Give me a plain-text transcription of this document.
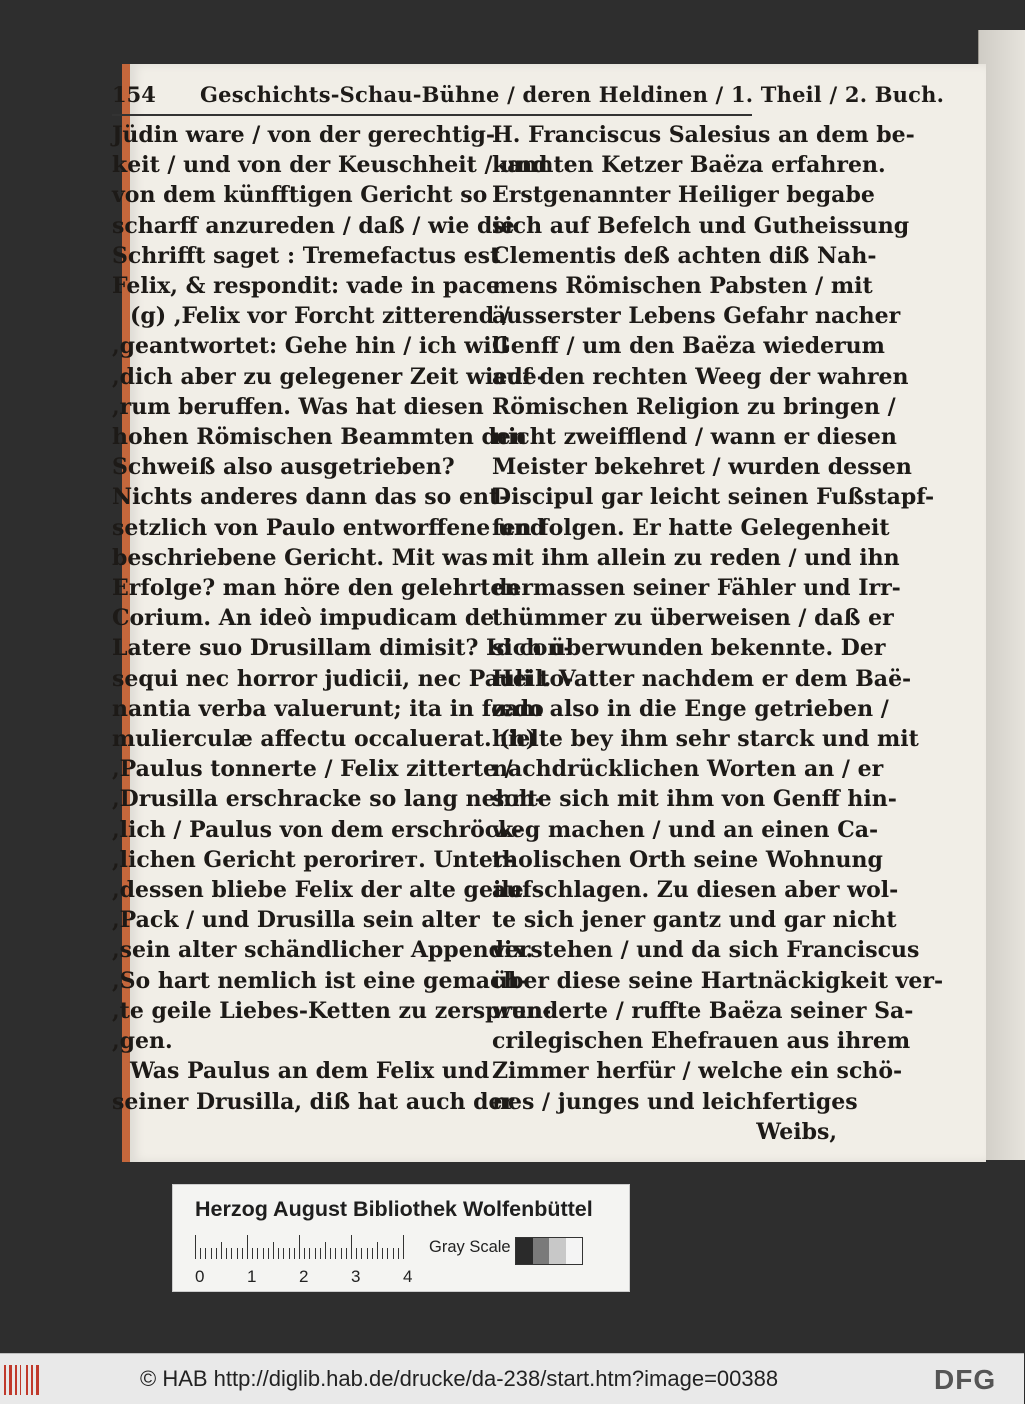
154 Geschichts-Schau-Bühne / deren Heldinen / 1. Theil / 2. Buch.
Jüdin ware / von der gerechtig-
keit / und von der Keuschheit / und
von dem künfftigen Gericht so
scharff anzureden / daß / wie die
Schrifft saget : Tremefactus est
Felix, & respondit: vade in pace.
(g) ,Felix vor Forcht zitterend /
,geantwortet: Gehe hin / ich will
,dich aber zu gelegener Zeit wiede-
,rum beruffen. Was hat diesen
hohen Römischen Beammten den
Schweiß also ausgetrieben?
Nichts anderes dann das so ent-
setzlich von Paulo entworffene und
beschriebene Gericht. Mit was
Erfolge? man höre den gelehrten
Corium. An ideò impudicam de
Latere suo Drusillam dimisit? Id con-
sequi nec horror judicii, nec Pauli to-
nantia verba valuerunt; ita in fœdo
mulierculæ affectu occaluerat. (h)
,Paulus tonnerte / Felix zitterte /
,Drusilla erschracke so lang nehm-
,lich / Paulus von dem erschröck-
,lichen Gericht perorirет. Unter-
,dessen bliebe Felix der alte geile
,Pack / und Drusilla sein alter
,sein alter schändlicher Appendix.
,So hart nemlich ist eine gemach-
,te geile Liebes-Ketten zu zerspren-
,gen.
Was Paulus an dem Felix und
seiner Drusilla, diß hat auch der
H. Franciscus Salesius an dem be-
kannten Ketzer Baëza erfahren.
Erstgenannter Heiliger begabe
sich auf Befelch und Gutheissung
Clementis deß achten diß Nah-
mens Römischen Pabsten / mit
äusserster Lebens Gefahr nacher
Genff / um den Baëza wiederum
auf den rechten Weeg der wahren
Römischen Religion zu bringen /
nicht zweifflend / wann er diesen
Meister bekehret / wurden dessen
Discipul gar leicht seinen Fußstapf-
fen folgen. Er hatte Gelegenheit
mit ihm allein zu reden / und ihn
dermassen seiner Fähler und Irr-
thümmer zu überweisen / daß er
sich überwunden bekennte. Der
Heil. Vatter nachdem er dem Baë-
zam also in die Enge getrieben /
hielte bey ihm sehr starck und mit
nachdrücklichen Worten an / er
solte sich mit ihm von Genff hin-
weg machen / und an einen Ca-
tholischen Orth seine Wohnung
aufschlagen. Zu diesen aber wol-
te sich jener gantz und gar nicht
verstehen / und da sich Franciscus
über diese seine Hartnäckigkeit ver-
wunderte / ruffte Baëza seiner Sa-
crilegischen Ehefrauen aus ihrem
Zimmer herfür / welche ein schö-
nes / junges und leichfertiges
Weibs,
Herzog August Bibliothek Wolfenbüttel
0	1	2	3	4
Gray Scale
© HAB http://diglib.hab.de/drucke/da-238/start.htm?image=00388	DFG
